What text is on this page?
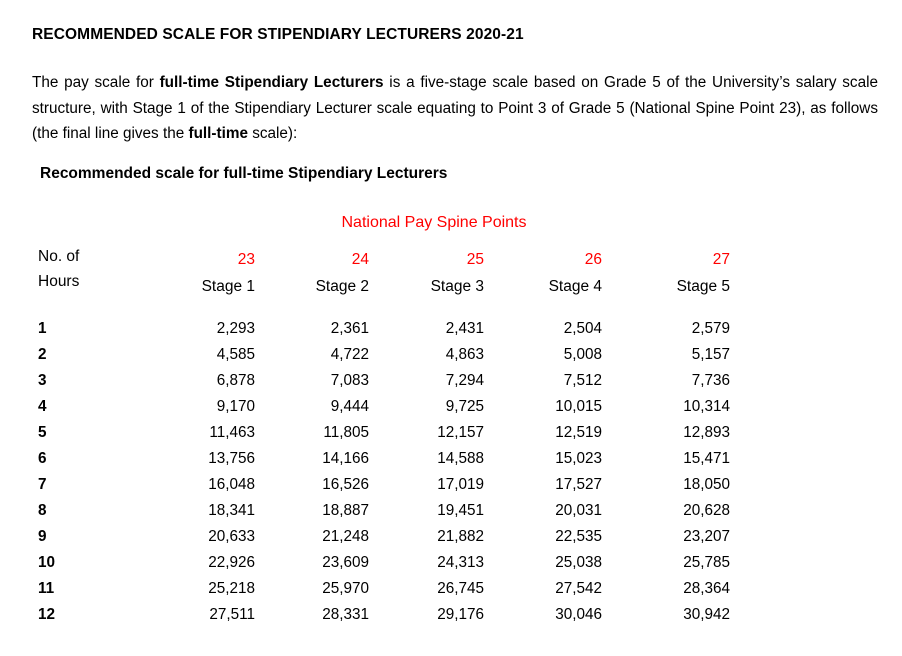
RECOMMENDED SCALE FOR STIPENDIARY LECTURERS 2020-21

The pay scale for full-time Stipendiary Lecturers is a five-stage scale based on Grade 5 of the University’s salary scale structure, with Stage 1 of the Stipendiary Lecturer scale equating to Point 3 of Grade 5 (National Spine Point 23), as follows (the final line gives the full-time scale):

Recommended scale for full-time Stipendiary Lecturers
	National Pay Spine Points				

No. of
Hours	23	24	25	26	27
	Stage 1	Stage 2	Stage 3	Stage 4	Stage 5

1	2,293	2,361	2,431	2,504	2,579
2	4,585	4,722	4,863	5,008	5,157
3	6,878	7,083	7,294	7,512	7,736
4	9,170	9,444	9,725	10,015	10,314
5	11,463	11,805	12,157	12,519	12,893
6	13,756	14,166	14,588	15,023	15,471
7	16,048	16,526	17,019	17,527	18,050
8	18,341	18,887	19,451	20,031	20,628
9	20,633	21,248	21,882	22,535	23,207
10	22,926	23,609	24,313	25,038	25,785
11	25,218	25,970	26,745	27,542	28,364
12	27,511	28,331	29,176	30,046	30,942
